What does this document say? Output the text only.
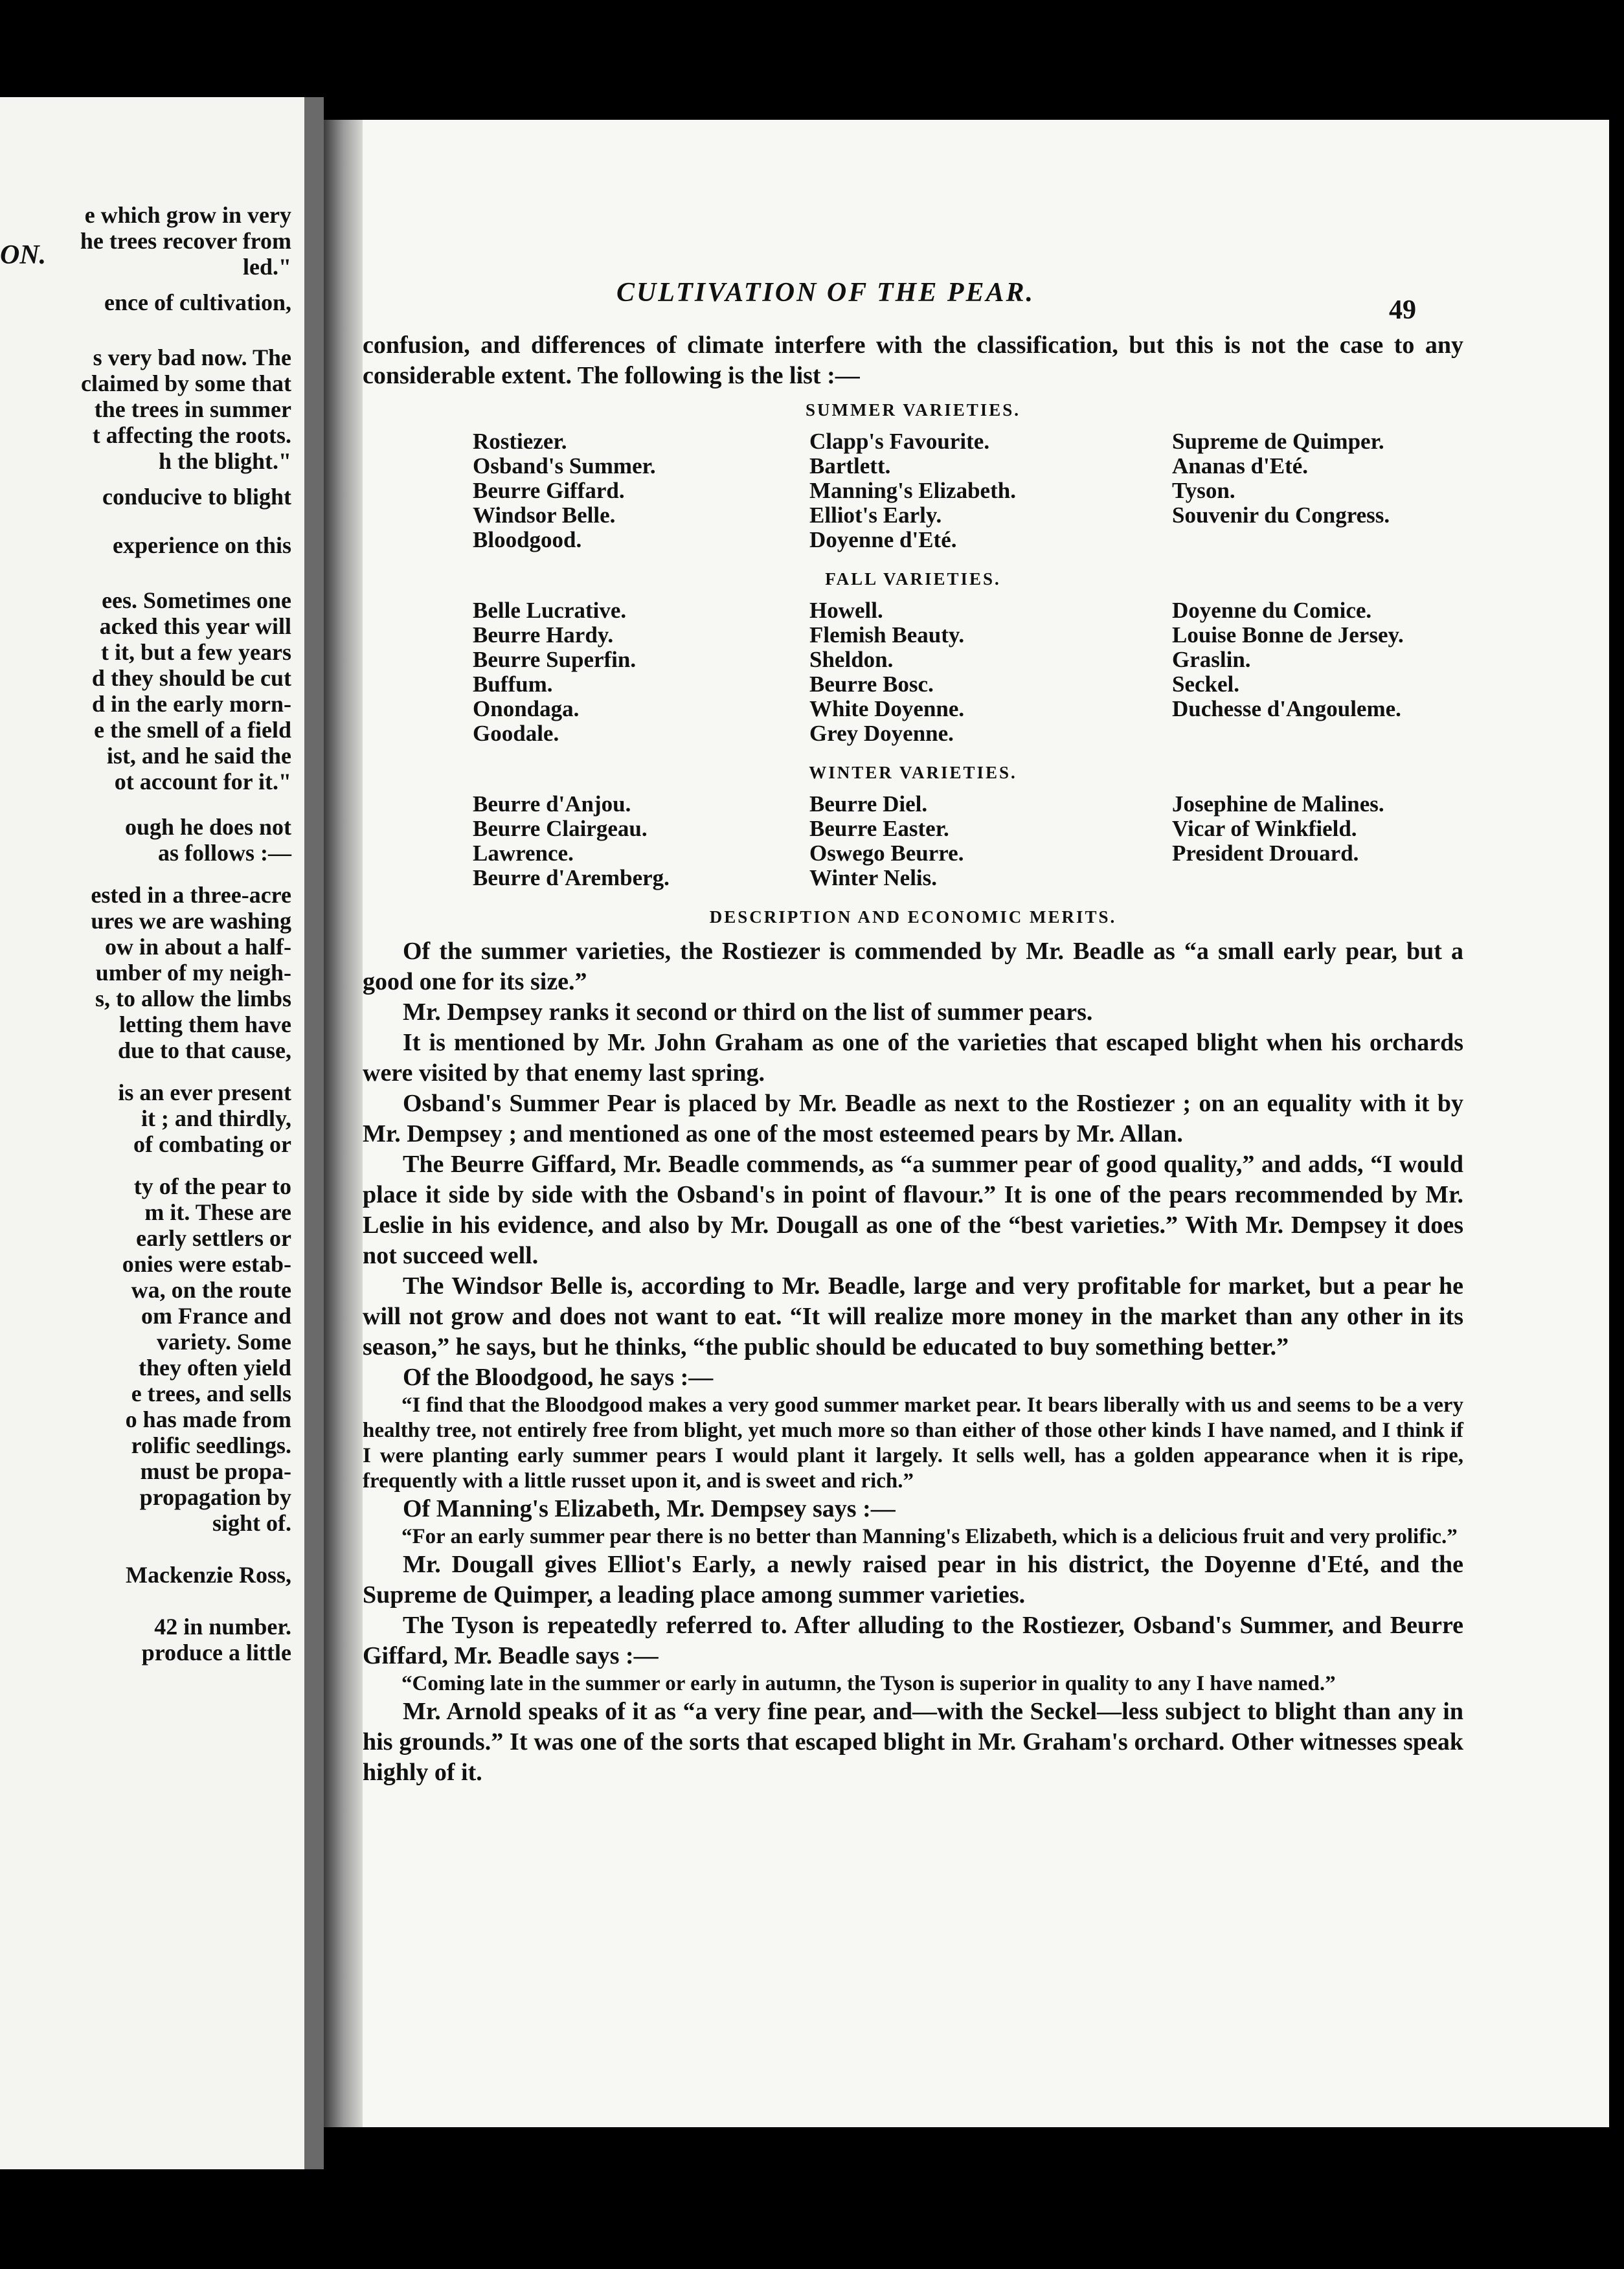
ON.
e which grow in very
he trees recover from
led."
ence of cultivation,
s very bad now. The
claimed by some that
the trees in summer
t affecting the roots.
h the blight."
conducive to blight
experience on this
ees. Sometimes one
acked this year will
t it, but a few years
d they should be cut
d in the early morn-
e the smell of a field
ist, and he said the
ot account for it."
ough he does not
as follows :—
ested in a three-acre
ures we are washing
ow in about a half-
umber of my neigh-
s, to allow the limbs
letting them have
due to that cause,
is an ever present
it ; and thirdly,
of combating or
ty of the pear to
m it. These are
early settlers or
onies were estab-
wa, on the route
om France and
variety. Some
they often yield
e trees, and sells
o has made from
rolific seedlings.
must be propa-
propagation by
sight of.
Mackenzie Ross,
42 in number.
produce a little
CULTIVATION OF THE PEAR.
49

confusion, and differences of climate interfere with the classification, but this is not the case to any considerable extent. The following is the list :—

SUMMER VARIETIES.
Rostiezer.
Osband's Summer.
Beurre Giffard.
Windsor Belle.
Bloodgood.
Clapp's Favourite.
Bartlett.
Manning's Elizabeth.
Elliot's Early.
Doyenne d'Eté.
Supreme de Quimper.
Ananas d'Eté.
Tyson.
Souvenir du Congress.
FALL VARIETIES.
Belle Lucrative.
Beurre Hardy.
Beurre Superfin.
Buffum.
Onondaga.
Goodale.
Howell.
Flemish Beauty.
Sheldon.
Beurre Bosc.
White Doyenne.
Grey Doyenne.
Doyenne du Comice.
Louise Bonne de Jersey.
Graslin.
Seckel.
Duchesse d'Angouleme.
WINTER VARIETIES.
Beurre d'Anjou.
Beurre Clairgeau.
Lawrence.
Beurre d'Aremberg.
Beurre Diel.
Beurre Easter.
Oswego Beurre.
Winter Nelis.
Josephine de Malines.
Vicar of Winkfield.
President Drouard.
DESCRIPTION AND ECONOMIC MERITS.

Of the summer varieties, the Rostiezer is commended by Mr. Beadle as “a small early pear, but a good one for its size.”

Mr. Dempsey ranks it second or third on the list of summer pears.

It is mentioned by Mr. John Graham as one of the varieties that escaped blight when his orchards were visited by that enemy last spring.

Osband's Summer Pear is placed by Mr. Beadle as next to the Rostiezer ; on an equality with it by Mr. Dempsey ; and mentioned as one of the most esteemed pears by Mr. Allan.

The Beurre Giffard, Mr. Beadle commends, as “a summer pear of good quality,” and adds, “I would place it side by side with the Osband's in point of flavour.” It is one of the pears recommended by Mr. Leslie in his evidence, and also by Mr. Dougall as one of the “best varieties.” With Mr. Dempsey it does not succeed well.

The Windsor Belle is, according to Mr. Beadle, large and very profitable for market, but a pear he will not grow and does not want to eat. “It will realize more money in the market than any other in its season,” he says, but he thinks, “the public should be educated to buy something better.”

Of the Bloodgood, he says :—

“I find that the Bloodgood makes a very good summer market pear. It bears liberally with us and seems to be a very healthy tree, not entirely free from blight, yet much more so than either of those other kinds I have named, and I think if I were planting early summer pears I would plant it largely. It sells well, has a golden appearance when it is ripe, frequently with a little russet upon it, and is sweet and rich.”

Of Manning's Elizabeth, Mr. Dempsey says :—

“For an early summer pear there is no better than Manning's Elizabeth, which is a delicious fruit and very prolific.”

Mr. Dougall gives Elliot's Early, a newly raised pear in his district, the Doyenne d'Eté, and the Supreme de Quimper, a leading place among summer varieties.

The Tyson is repeatedly referred to. After alluding to the Rostiezer, Osband's Summer, and Beurre Giffard, Mr. Beadle says :—

“Coming late in the summer or early in autumn, the Tyson is superior in quality to any I have named.”

Mr. Arnold speaks of it as “a very fine pear, and—with the Seckel—less subject to blight than any in his grounds.” It was one of the sorts that escaped blight in Mr. Graham's orchard. Other witnesses speak highly of it.
